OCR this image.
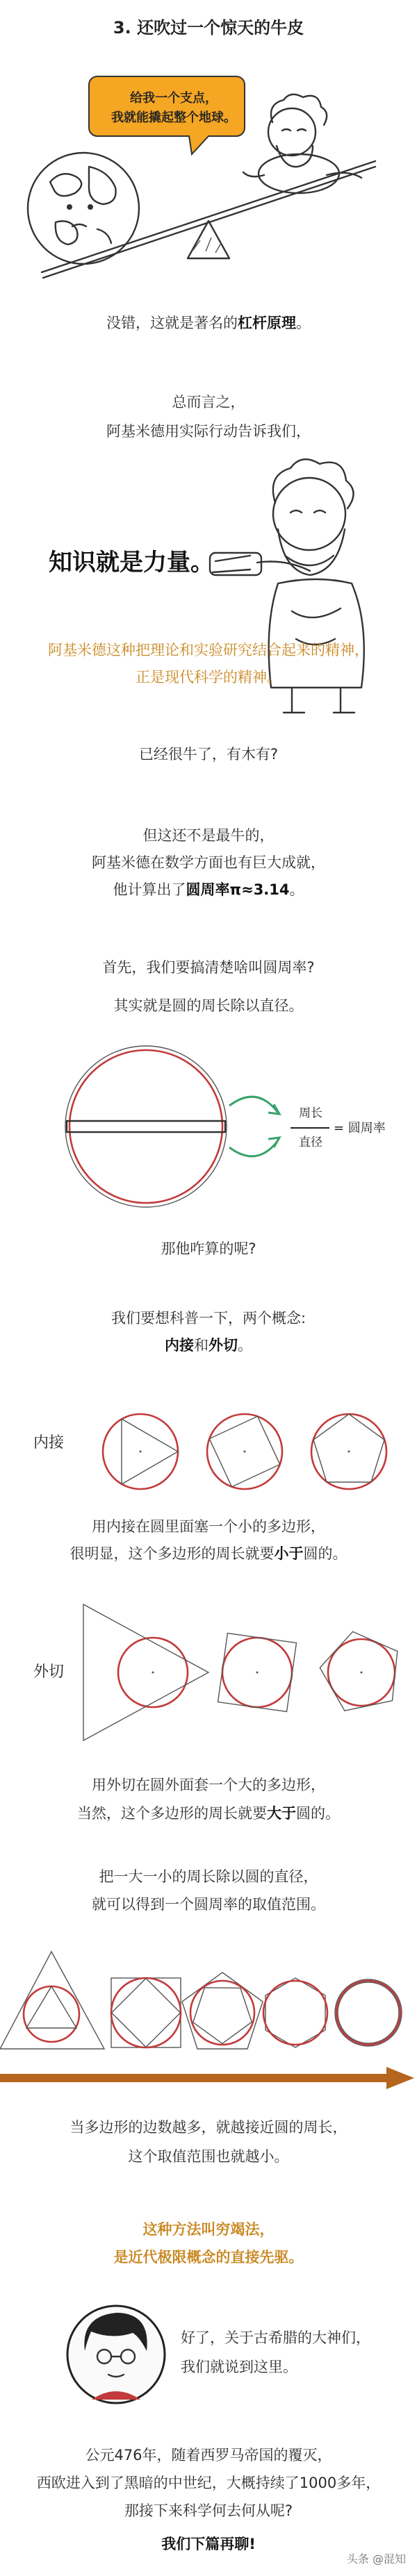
3. 还吹过一个惊天的牛皮
给我一个支点，
我就能撬起整个地球。
没错，这就是著名的杠杆原理。
总而言之，
阿基米德用实际行动告诉我们，
知识就是力量。
阿基米德这种把理论和实验研究结合起来的精神，
正是现代科学的精神。
已经很牛了，有木有?
但这还不是最牛的，
阿基米德在数学方面也有巨大成就，
他计算出了圆周率π≈3.14。
首先，我们要搞清楚啥叫圆周率?
其实就是圆的周长除以直径。
周长
直径
= 圆周率
那他咋算的呢?
我们要想科普一下，两个概念:
内接和外切。
内接
用内接在圆里面塞一个小的多边形，
很明显，这个多边形的周长就要小于圆的。
外切
用外切在圆外面套一个大的多边形，
当然，这个多边形的周长就要大于圆的。
把一大一小的周长除以圆的直径，
就可以得到一个圆周率的取值范围。
当多边形的边数越多，就越接近圆的周长，
这个取值范围也就越小。
这种方法叫穷竭法，
是近代极限概念的直接先驱。
好了，关于古希腊的大神们，
我们就说到这里。
公元476年，随着西罗马帝国的覆灭，
西欧进入到了黑暗的中世纪，大概持续了1000多年，
那接下来科学何去何从呢?
我们下篇再聊!
头条 @混知
